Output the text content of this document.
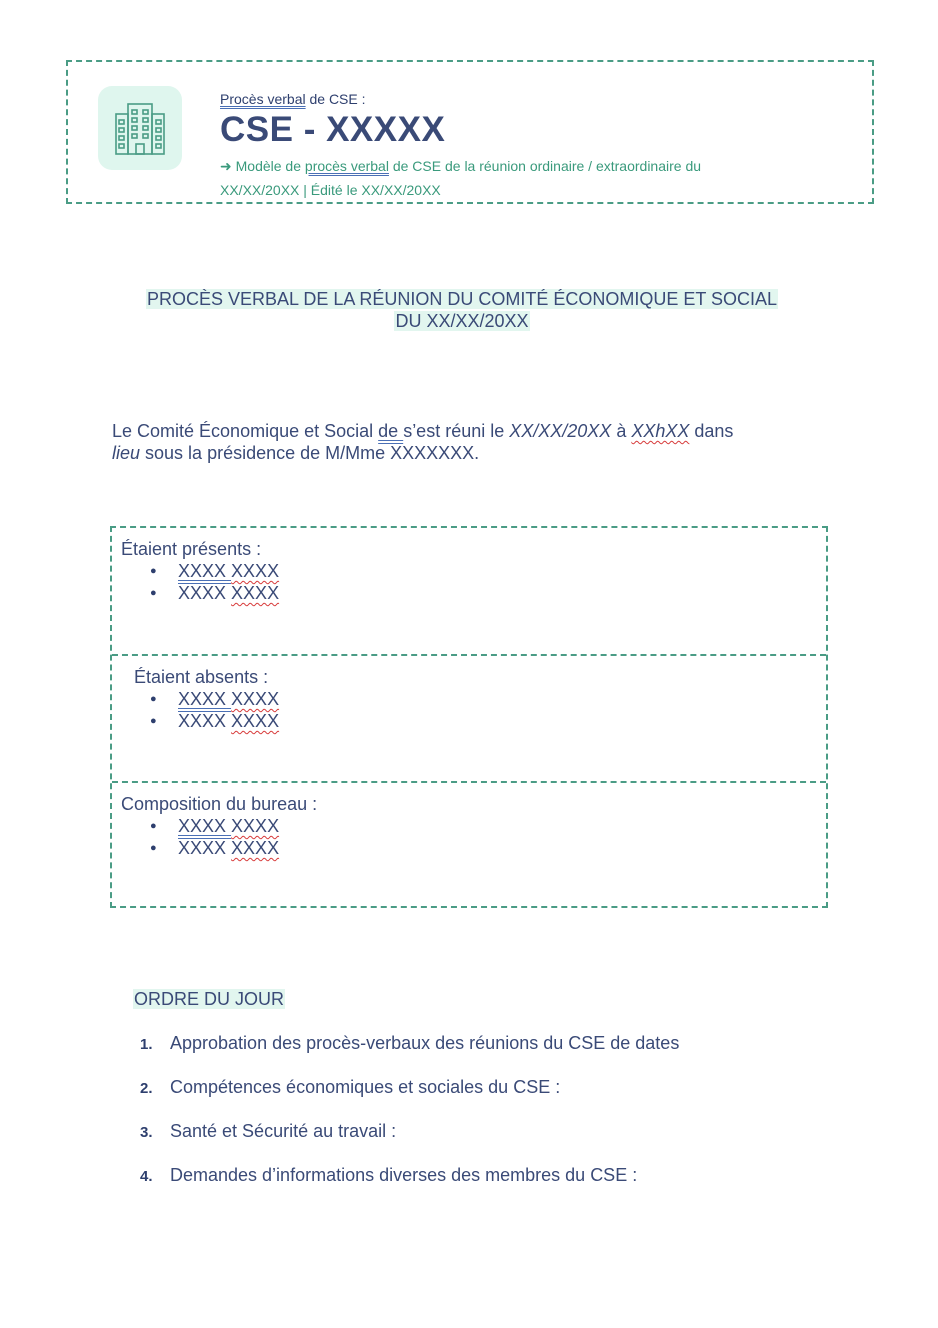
Procès verbal de CSE :
CSE - XXXXX
➜ Modèle de procès verbal de CSE de la réunion ordinaire / extraordinaire du
XX/XX/20XX | Édité le XX/XX/20XX
PROCÈS VERBAL DE LA RÉUNION DU COMITÉ ÉCONOMIQUE ET SOCIAL
DU XX/XX/20XX
Le Comité Économique et Social de s’est réuni le XX/XX/20XX à XXhXX dans
lieu sous la présidence de M/Mme XXXXXXX.
Étaient présents :
● XXXX XXXX
● XXXX XXXX
Étaient absents :
● XXXX XXXX
● XXXX XXXX
Composition du bureau :
● XXXX XXXX
● XXXX XXXX
ORDRE DU JOUR
1. Approbation des procès-verbaux des réunions du CSE de dates
2. Compétences économiques et sociales du CSE :
3. Santé et Sécurité au travail :
4. Demandes d’informations diverses des membres du CSE :
